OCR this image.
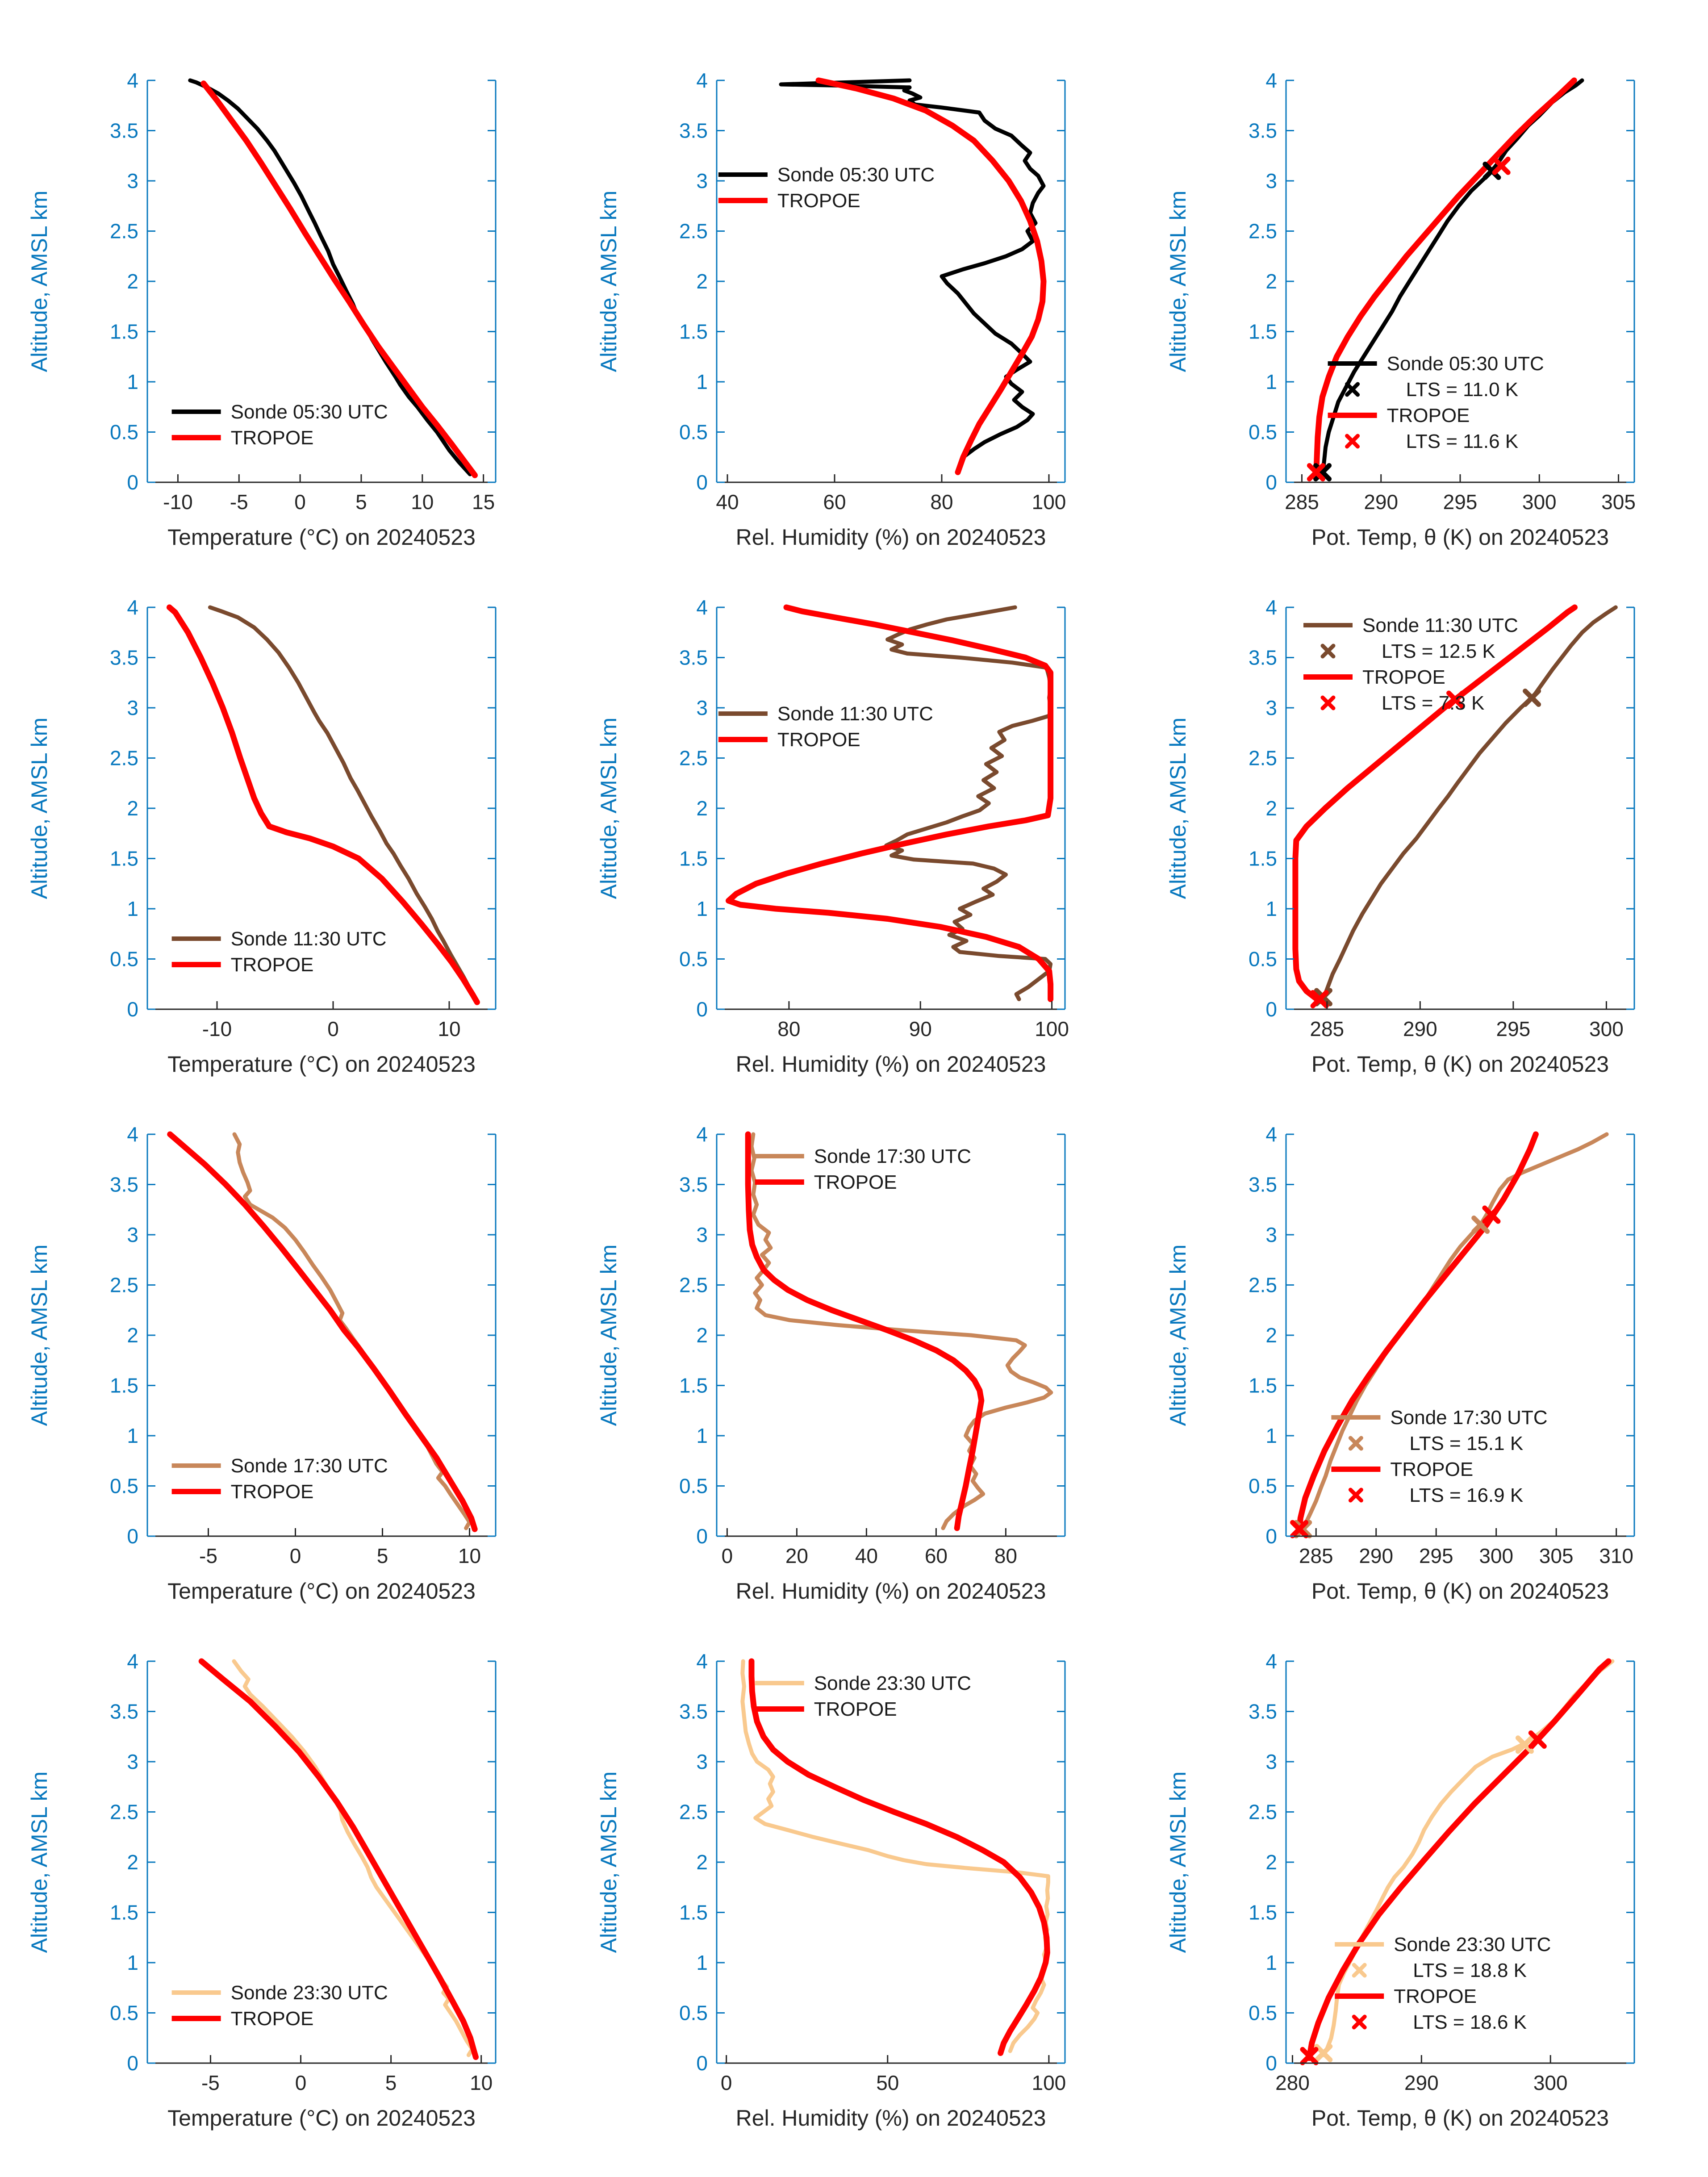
-10 -5 0 5 10 15
0
0.5
1
1.5
2
2.5
3
3.5
4
Temperature (°C) on 20240523
Altitude, AMSL km
Sonde 05:30 UTC
TROPOE
40	60	80	100
0
0.5
1
1.5
2
2.5
3
3.5
4
Rel. Humidity (%) on 20240523
Altitude, AMSL km
Sonde 05:30 UTC
TROPOE
285 290 295 300 305
0
0.5
1
1.5
2
2.5
3
3.5
4
Pot. Temp, θ (K) on 20240523
Altitude, AMSL km	Sonde 05:30 UTC
LTS = 11.0 K
TROPOE
LTS = 11.6 K
-10	0	10
0
0.5
1
1.5
2
2.5
3
3.5
4
Temperature (°C) on 20240523
Altitude, AMSL km
Sonde 11:30 UTC
TROPOE
80	90	100
0
0.5
1
1.5
2
2.5
3
3.5
4
Rel. Humidity (%) on 20240523
Altitude, AMSL km
Sonde 11:30 UTC
TROPOE
285	290	295	300
0
0.5
1
1.5
2
2.5
3
3.5
4
Pot. Temp, θ (K) on 20240523
Altitude, AMSL km
Sonde 11:30 UTC
LTS = 12.5 K
TROPOE
LTS = 7.3 K
-5	0	5	10
0
0.5
1
1.5
2
2.5
3
3.5
4
Temperature (°C) on 20240523
Altitude, AMSL km
Sonde 17:30 UTC
TROPOE
0	20 40 60 80
0
0.5
1
1.5
2
2.5
3
3.5
4
Rel. Humidity (%) on 20240523
Altitude, AMSL km
Sonde 17:30 UTC
TROPOE
285 290 295 300 305 310
0
0.5
1
1.5
2
2.5
3
3.5
4
Pot. Temp, θ (K) on 20240523
Altitude, AMSL km	Sonde 17:30 UTC
LTS = 15.1 K
TROPOE
LTS = 16.9 K
-5	0	5	10
0
0.5
1
1.5
2
2.5
3
3.5
4
Temperature (°C) on 20240523
Altitude, AMSL km
Sonde 23:30 UTC
TROPOE
0	50	100
0
0.5
1
1.5
2
2.5
3
3.5
4
Rel. Humidity (%) on 20240523
Altitude, AMSL km
Sonde 23:30 UTC
TROPOE
280	290	300
0
0.5
1
1.5
2
2.5
3
3.5
4
Pot. Temp, θ (K) on 20240523
Altitude, AMSL km	Sonde 23:30 UTC
LTS = 18.8 K
TROPOE
LTS = 18.6 K
